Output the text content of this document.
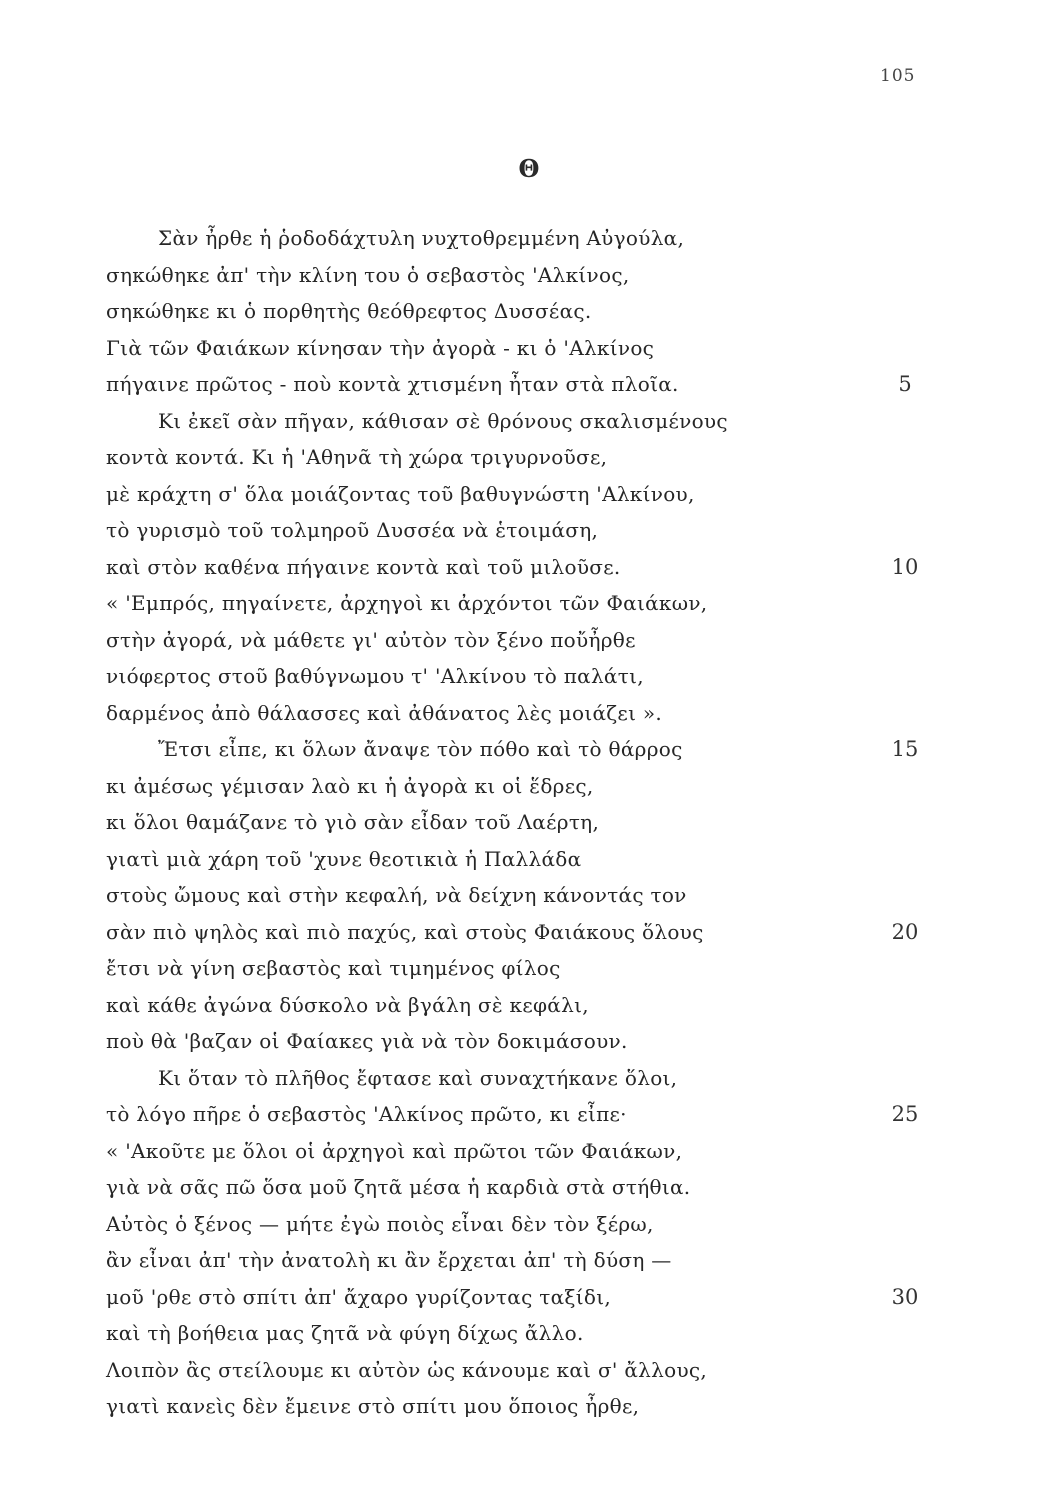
105
Θ
Σὰν ἦρθε ἡ ῥοδοδάχτυλη νυχτοθρεμμένη Αὐγούλα,
σηκώθηκε ἀπ' τὴν κλίνη του ὁ σεβαστὸς 'Αλκίνος,
σηκώθηκε κι ὁ πορθητὴς θεόθρεφτος Δυσσέας.
Γιὰ τῶν Φαιάκων κίνησαν τὴν ἀγορὰ - κι ὁ 'Αλκίνος
πήγαινε πρῶτος - ποὺ κοντὰ χτισμένη ἦταν στὰ πλοῖα.	5
Κι ἐκεῖ σὰν πῆγαν, κάθισαν σὲ θρόνους σκαλισμένους
κοντὰ κοντά. Κι ἡ 'Αθηνᾶ τὴ χώρα τριγυρνοῦσε,
μὲ κράχτη σ' ὅλα μοιάζοντας τοῦ βαθυγνώστη 'Αλκίνου,
τὸ γυρισμὸ τοῦ τολμηροῦ Δυσσέα νὰ ἑτοιμάση,
καὶ στὸν καθένα πήγαινε κοντὰ καὶ τοῦ μιλοῦσε.	10
« 'Εμπρός, πηγαίνετε, ἀρχηγοὶ κι ἀρχόντοι τῶν Φαιάκων,
στὴν ἀγορά, νὰ μάθετε γι' αὐτὸν τὸν ξένο ποὔἦρθε
νιόφερτος στοῦ βαθύγνωμου τ' 'Αλκίνου τὸ παλάτι,
δαρμένος ἀπὸ θάλασσες καὶ ἀθάνατος λὲς μοιάζει ».
Ἔτσι εἶπε, κι ὅλων ἄναψε τὸν πόθο καὶ τὸ θάρρος	15
κι ἀμέσως γέμισαν λαὸ κι ἡ ἀγορὰ κι οἱ ἕδρες,
κι ὅλοι θαμάζανε τὸ γιὸ σὰν εἶδαν τοῦ Λαέρτη,
γιατὶ μιὰ χάρη τοῦ 'χυνε θεοτικιὰ ἡ Παλλάδα
στοὺς ὤμους καὶ στὴν κεφαλή, νὰ δείχνη κάνοντάς τον
σὰν πιὸ ψηλὸς καὶ πιὸ παχύς, καὶ στοὺς Φαιάκους ὅλους	20
ἔτσι νὰ γίνη σεβαστὸς καὶ τιμημένος φίλος
καὶ κάθε ἀγώνα δύσκολο νὰ βγάλη σὲ κεφάλι,
ποὺ θὰ 'βαζαν οἱ Φαίακες γιὰ νὰ τὸν δοκιμάσουν.
Κι ὅταν τὸ πλῆθος ἔφτασε καὶ συναχτήκανε ὅλοι,
τὸ λόγο πῆρε ὁ σεβαστὸς 'Αλκίνος πρῶτο, κι εἶπε·	25
« 'Ακοῦτε με ὅλοι οἱ ἀρχηγοὶ καὶ πρῶτοι τῶν Φαιάκων,
γιὰ νὰ σᾶς πῶ ὅσα μοῦ ζητᾶ μέσα ἡ καρδιὰ στὰ στήθια.
Αὐτὸς ὁ ξένος — μήτε ἐγὼ ποιὸς εἶναι δὲν τὸν ξέρω,
ἂν εἶναι ἀπ' τὴν ἀνατολὴ κι ἂν ἔρχεται ἀπ' τὴ δύση —
μοῦ 'ρθε στὸ σπίτι ἀπ' ἄχαρο γυρίζοντας ταξίδι,	30
καὶ τὴ βοήθεια μας ζητᾶ νὰ φύγη δίχως ἄλλο.
Λοιπὸν ἂς στείλουμε κι αὐτὸν ὡς κάνουμε καὶ σ' ἄλλους,
γιατὶ κανεὶς δὲν ἔμεινε στὸ σπίτι μου ὅποιος ἦρθε,
